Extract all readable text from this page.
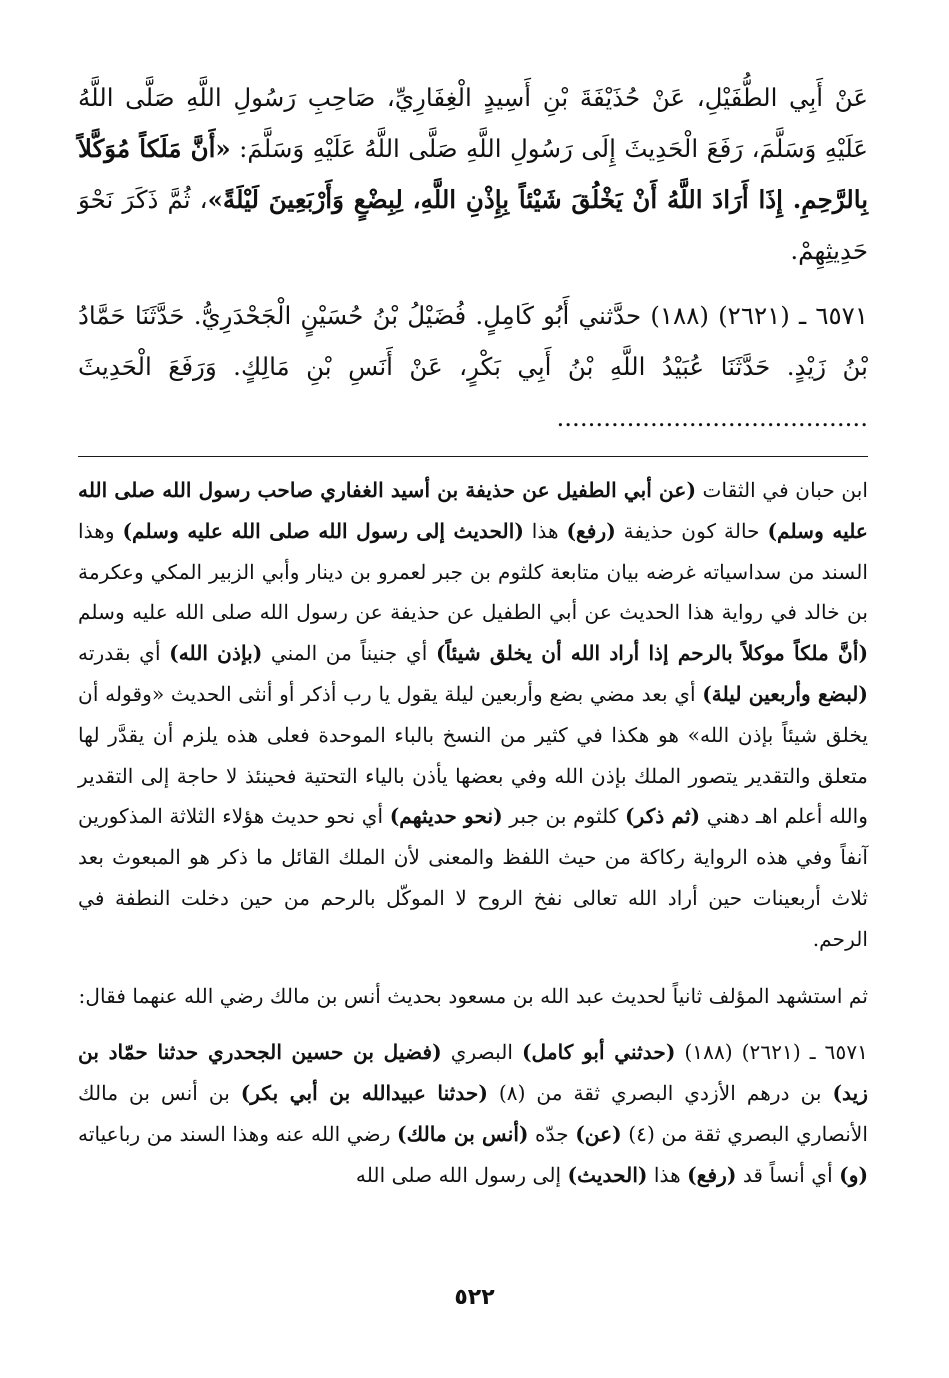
عَنْ أَبِي الطُّفَيْلِ، عَنْ حُذَيْفَةَ بْنِ أَسِيدٍ الْغِفَارِيِّ، صَاحِبِ رَسُولِ اللَّهِ صَلَّى اللَّهُ عَلَيْهِ وَسَلَّمَ، رَفَعَ الْحَدِيثَ إِلَى رَسُولِ اللَّهِ صَلَّى اللَّهُ عَلَيْهِ وَسَلَّمَ: «أَنَّ مَلَكاً مُوَكَّلاً بِالرَّحِمِ. إِذَا أَرَادَ اللَّهُ أَنْ يَخْلُقَ شَيْئاً بِإِذْنِ اللَّهِ، لِبِضْعٍ وَأَرْبَعِينَ لَيْلَةً»، ثُمَّ ذَكَرَ نَحْوَ حَدِيثِهِمْ.

٦٥٧١ ـ (٢٦٢١) (١٨٨) حدَّثني أَبُو كَامِلٍ. فُضَيْلُ بْنُ حُسَيْنٍ الْجَحْدَرِيُّ. حَدَّثَنَا حَمَّادُ بْنُ زَيْدٍ. حَدَّثَنَا عُبَيْدُ اللَّهِ بْنُ أَبِي بَكْرٍ، عَنْ أَنَسِ بْنِ مَالِكٍ. وَرَفَعَ الْحَدِيثَ ........................................

ابن حبان في الثقات (عن أبي الطفيل عن حذيفة بن أسيد الغفاري صاحب رسول الله صلى الله عليه وسلم) حالة كون حذيفة (رفع) هذا (الحديث إلى رسول الله صلى الله عليه وسلم) وهذا السند من سداسياته غرضه بيان متابعة كلثوم بن جبر لعمرو بن دينار وأبي الزبير المكي وعكرمة بن خالد في رواية هذا الحديث عن أبي الطفيل عن حذيفة عن رسول الله صلى الله عليه وسلم (أنَّ ملكاً موكلاً بالرحم إذا أراد الله أن يخلق شيئاً) أي جنيناً من المني (بإذن الله) أي بقدرته (لبضع وأربعين ليلة) أي بعد مضي بضع وأربعين ليلة يقول يا رب أذكر أو أنثى الحديث «وقوله أن يخلق شيئاً بإذن الله» هو هكذا في كثير من النسخ بالباء الموحدة فعلى هذه يلزم أن يقدَّر لها متعلق والتقدير يتصور الملك بإذن الله وفي بعضها يأذن بالياء التحتية فحينئذ لا حاجة إلى التقدير والله أعلم اهـ دهني (ثم ذكر) كلثوم بن جبر (نحو حديثهم) أي نحو حديث هؤلاء الثلاثة المذكورين آنفاً وفي هذه الرواية ركاكة من حيث اللفظ والمعنى لأن الملك القائل ما ذكر هو المبعوث بعد ثلاث أربعينات حين أراد الله تعالى نفخ الروح لا الموكّل بالرحم من حين دخلت النطفة في الرحم.

ثم استشهد المؤلف ثانياً لحديث عبد الله بن مسعود بحديث أنس بن مالك رضي الله عنهما فقال:

٦٥٧١ ـ (٢٦٢١) (١٨٨) (حدثني أبو كامل) البصري (فضيل بن حسين الجحدري حدثنا حمّاد بن زيد) بن درهم الأزدي البصري ثقة من (٨) (حدثنا عبيدالله بن أبي بكر) بن أنس بن مالك الأنصاري البصري ثقة من (٤) (عن) جدّه (أنس بن مالك) رضي الله عنه وهذا السند من رباعياته (و) أي أنساً قد (رفع) هذا (الحديث) إلى رسول الله صلى الله

٥٢٢
